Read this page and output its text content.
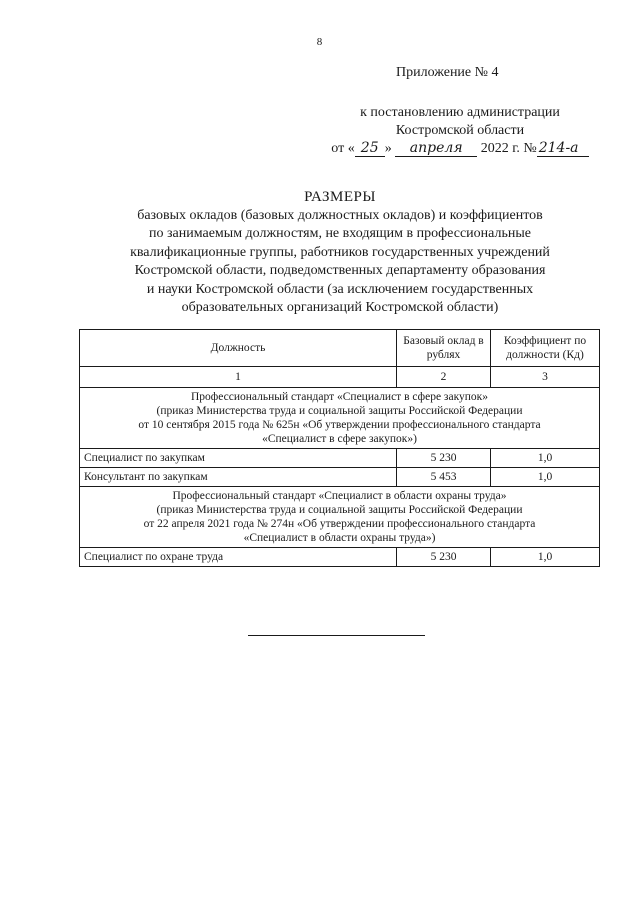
8
Приложение № 4
к постановлению администрации
Костромской области
от « 25 » апреля 2022 г. № 214-а
РАЗМЕРЫ
базовых окладов (базовых должностных окладов) и коэффициентов
по занимаемым должностям, не входящим в профессиональные
квалификационные группы, работников государственных учреждений
Костромской области, подведомственных департаменту образования
и науки Костромской области (за исключением государственных
образовательных организаций Костромской области)
Должность	Базовый оклад в рублях	Коэффициент по должности (Кд)
1	2	3

Профессиональный стандарт «Специалист в сфере закупок»
(приказ Министерства труда и социальной защиты Российской Федерации
от 10 сентября 2015 года № 625н «Об утверждении профессионального стандарта
«Специалист в сфере закупок»)		

Специалист по закупкам	5 230	1,0
Консультант по закупкам	5 453	1,0

Профессиональный стандарт «Специалист в области охраны труда»
(приказ Министерства труда и социальной защиты Российской Федерации
от 22 апреля 2021 года № 274н «Об утверждении профессионального стандарта
«Специалист в области охраны труда»)		

Специалист по охране труда	5 230	1,0
